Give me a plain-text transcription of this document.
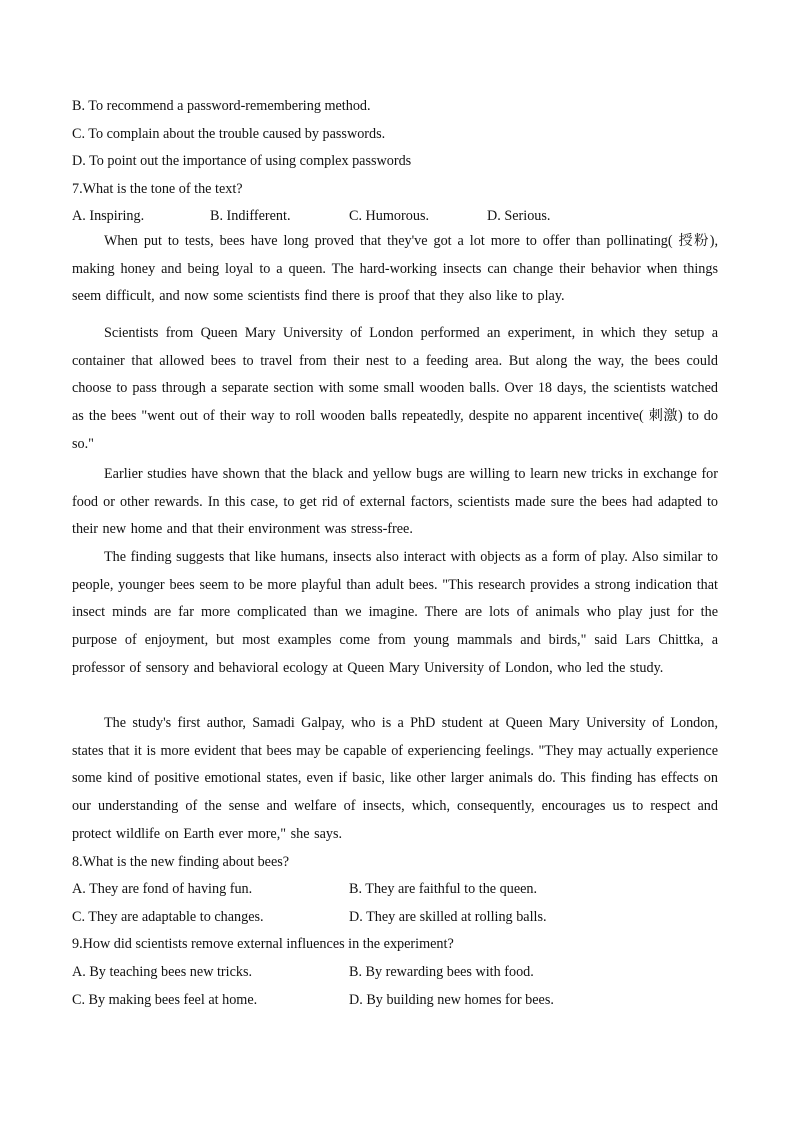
B. To recommend a password-remembering method.
C. To complain about the trouble caused by passwords.
D. To point out the importance of using complex passwords
7.What is the tone of the text?
A. Inspiring.	B. Indifferent.	C. Humorous.	D. Serious.

When put to tests, bees have long proved that they've got a lot more to offer than pollinating( 授粉), making honey and being loyal to a queen. The hard-working insects can change their behavior when things seem difficult, and now some scientists find there is proof that they also like to play.

Scientists from Queen Mary University of London performed an experiment, in which they setup a container that allowed bees to travel from their nest to a feeding area. But along the way, the bees could choose to pass through a separate section with some small wooden balls. Over 18 days, the scientists watched as the bees "went out of their way to roll wooden balls repeatedly, despite no apparent incentive( 刺激) to do so."

Earlier studies have shown that the black and yellow bugs are willing to learn new tricks in exchange for food or other rewards. In this case, to get rid of external factors, scientists made sure the bees had adapted to their new home and that their environment was stress-free.

The finding suggests that like humans, insects also interact with objects as a form of play. Also similar to people, younger bees seem to be more playful than adult bees. "This research provides a strong indication that insect minds are far more complicated than we imagine. There are lots of animals who play just for the purpose of enjoyment, but most examples come from young mammals and birds," said Lars Chittka, a professor of sensory and behavioral ecology at Queen Mary University of London, who led the study.

The study's first author, Samadi Galpay, who is a PhD student at Queen Mary University of London, states that it is more evident that bees may be capable of experiencing feelings. "They may actually experience some kind of positive emotional states, even if basic, like other larger animals do. This finding has effects on our understanding of the sense and welfare of insects, which, consequently, encourages us to respect and protect wildlife on Earth ever more," she says.

8.What is the new finding about bees?
A. They are fond of having fun.	B. They are faithful to the queen.
C. They are adaptable to changes.	D. They are skilled at rolling balls.
9.How did scientists remove external influences in the experiment?
A. By teaching bees new tricks.	B. By rewarding bees with food.
C. By making bees feel at home.	D. By building new homes for bees.
